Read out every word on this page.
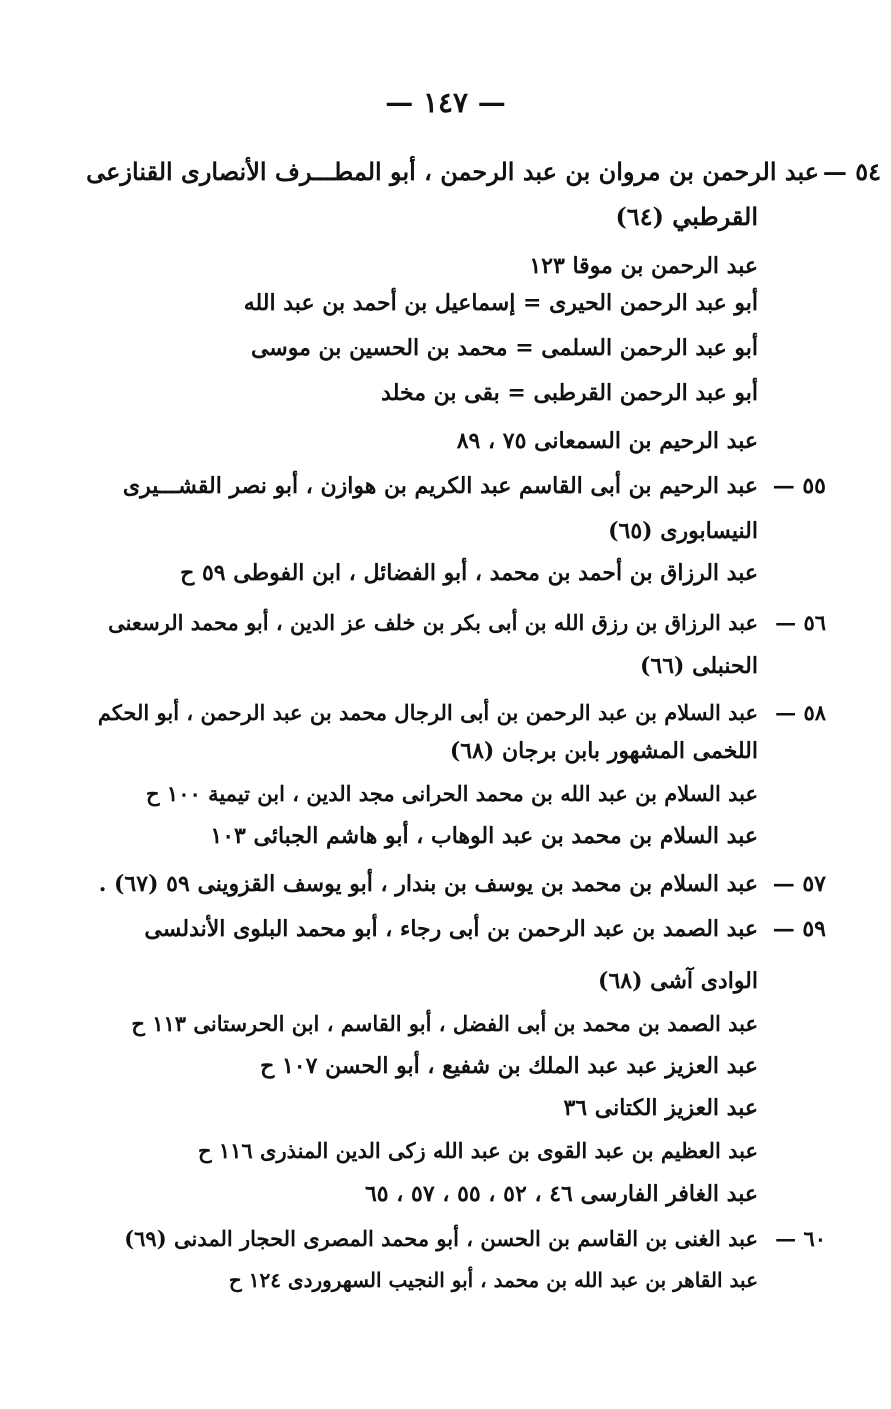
— ١٤٧ —
٥٤ —
عبد الرحمن بن مروان بن عبد الرحمن ، أبو المطـــرف الأنصارى القنازعى
القرطبي (٦٤)
عبد الرحمن بن موقا ١٢٣
أبو عبد الرحمن الحيرى = إسماعيل بن أحمد بن عبد الله
أبو عبد الرحمن السلمى = محمد بن الحسين بن موسى
أبو عبد الرحمن القرطبى = بقى بن مخلد
عبد الرحيم بن السمعانى ٧٥ ، ٨٩
٥٥ —
عبد الرحيم بن أبى القاسم عبد الكريم بن هوازن ، أبو نصر القشـــيرى
النيسابورى (٦٥)
عبد الرزاق بن أحمد بن محمد ، أبو الفضائل ، ابن الفوطى ٥٩ ح
٥٦ —
عبد الرزاق بن رزق الله بن أبى بكر بن خلف عز الدين ، أبو محمد الرسعنى
الحنبلى (٦٦)
٥٨ —
عبد السلام بن عبد الرحمن بن أبى الرجال محمد بن عبد الرحمن ، أبو الحكم
اللخمى المشهور بابن برجان (٦٨)
عبد السلام بن عبد الله بن محمد الحرانى مجد الدين ، ابن تيمية ١٠٠ ح
عبد السلام بن محمد بن عبد الوهاب ، أبو هاشم الجبائى ١٠٣
٥٧ —
عبد السلام بن محمد بن يوسف بن بندار ، أبو يوسف القزوينى ٥٩ (٦٧) .
٥٩ —
عبد الصمد بن عبد الرحمن بن أبى رجاء ، أبو محمد البلوى الأندلسى
الوادى آشى (٦٨)
عبد الصمد بن محمد بن أبى الفضل ، أبو القاسم ، ابن الحرستانى ١١٣ ح
عبد العزيز عبد عبد الملك بن شفيع ، أبو الحسن ١٠٧ ح
عبد العزيز الكتانى ٣٦
عبد العظيم بن عبد القوى بن عبد الله زكى الدين المنذرى ١١٦ ح
عبد الغافر الفارسى ٤٦ ، ٥٢ ، ٥٥ ، ٥٧ ، ٦٥
٦٠ —
عبد الغنى بن القاسم بن الحسن ، أبو محمد المصرى الحجار المدنى (٦٩)
عبد القاهر بن عبد الله بن محمد ، أبو النجيب السهروردى ١٢٤ ح
